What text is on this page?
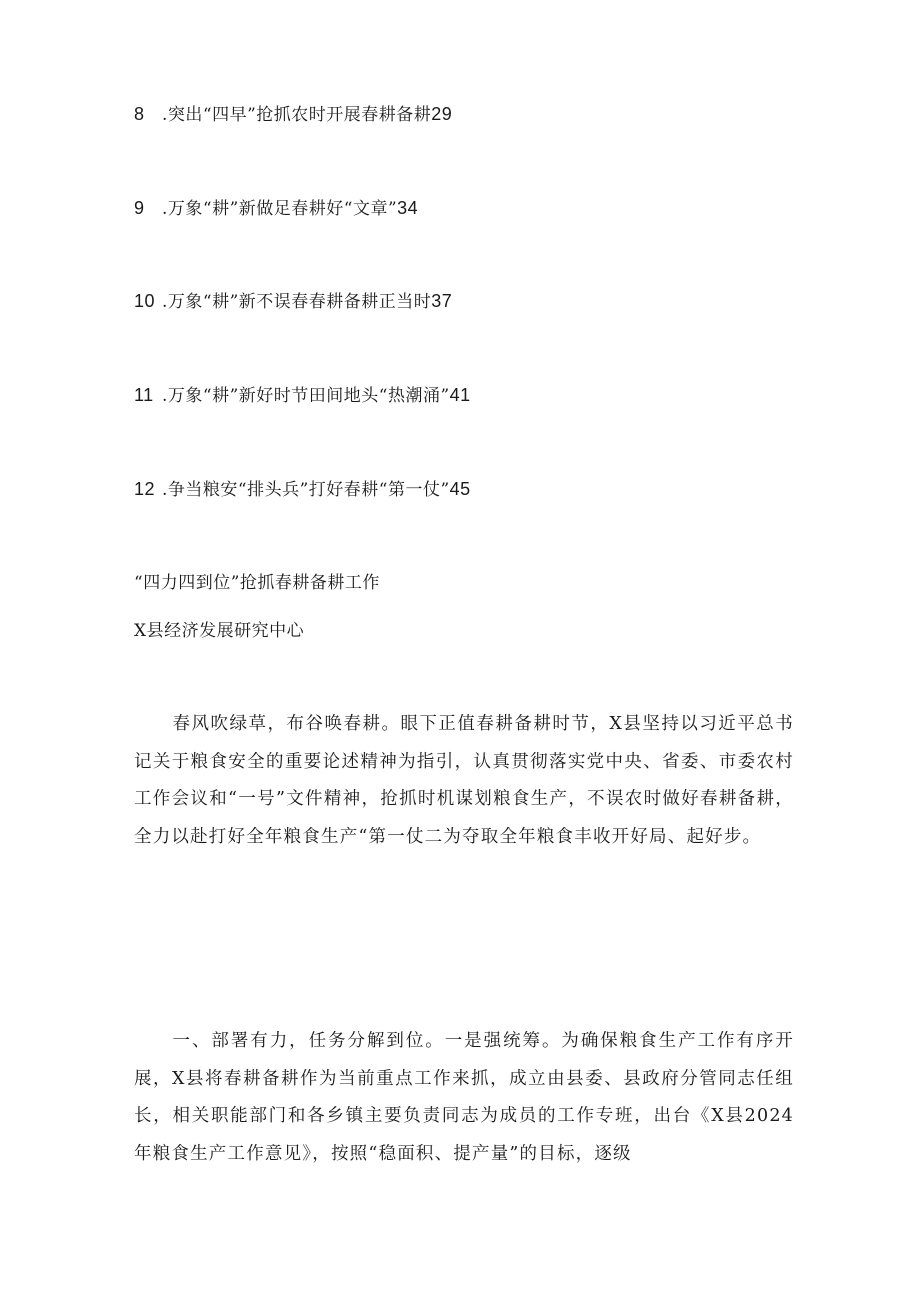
8 .突出“四早”抢抓农时开展春耕备耕29
9 .万象“耕”新做足春耕好“文章”34
10 .万象“耕”新不误春春耕备耕正当时37
11 .万象“耕”新好时节田间地头“热潮涌”41
12 .争当粮安“排头兵”打好春耕“第一仗”45
“四力四到位”抢抓春耕备耕工作
X县经济发展研究中心

春风吹绿草，布谷唤春耕。眼下正值春耕备耕时节，X县坚持以习近平总书记关于粮食安全的重要论述精神为指引，认真贯彻落实党中央、省委、市委农村工作会议和“一号”文件精神，抢抓时机谋划粮食生产，不误农时做好春耕备耕，全力以赴打好全年粮食生产“第一仗二为夺取全年粮食丰收开好局、起好步。

一、部署有力，任务分解到位。一是强统筹。为确保粮食生产工作有序开展，X县将春耕备耕作为当前重点工作来抓，成立由县委、县政府分管同志任组长，相关职能部门和各乡镇主要负责同志为成员的工作专班，出台《X县2024年粮食生产工作意见》，按照“稳面积、提产量”的目标，逐级
